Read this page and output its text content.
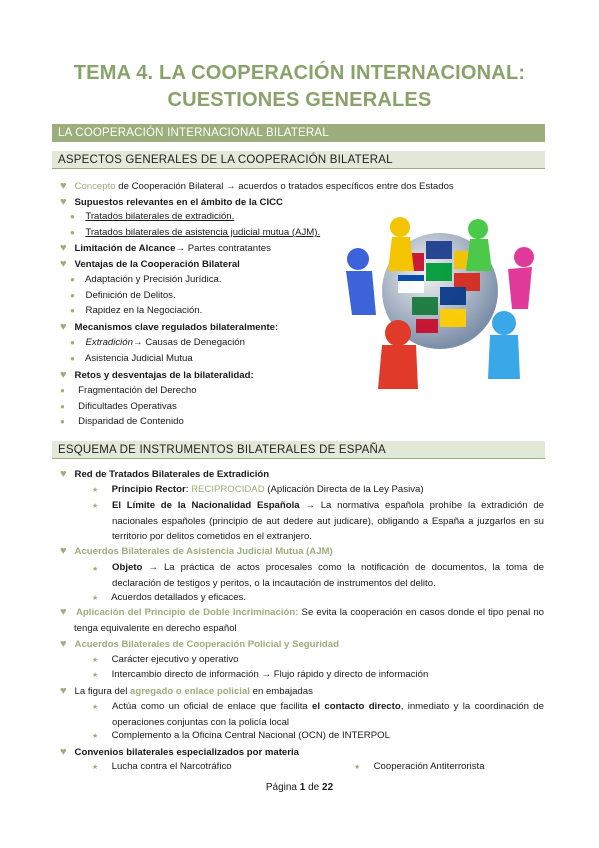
TEMA 4. LA COOPERACIÓN INTERNACIONAL:
CUESTIONES GENERALES
LA COOPERACIÓN INTERNACIONAL BILATERAL
ASPECTOS GENERALES DE LA COOPERACIÓN BILATERAL
♥ Concepto de Cooperación Bilateral → acuerdos o tratados específicos entre dos Estados
♥ Supuestos relevantes en el ámbito de la CICC
● Tratados bilaterales de extradición.
● Tratados bilaterales de asistencia judicial mutua (AJM).
♥ Limitación de Alcance→ Partes contratantes
♥ Ventajas de la Cooperación Bilateral
● Adaptación y Precisión Jurídica.
● Definición de Delitos.
● Rapidez en la Negociación.
♥ Mecanismos clave regulados bilateralmente:
● Extradición→ Causas de Denegación
● Asistencia Judicial Mutua
♥ Retos y desventajas de la bilateralidad:
● Fragmentación del Derecho
● Dificultades Operativas
● Disparidad de Contenido
ESQUEMA DE INSTRUMENTOS BILATERALES DE ESPAÑA
♥ Red de Tratados Bilaterales de Extradición
★ Principio Rector: RECIPROCIDAD (Aplicación Directa de la Ley Pasiva)
★ El Límite de la Nacionalidad Española → La normativa española prohíbe la extradición de nacionales españoles (principio de aut dedere aut judicare), obligando a España a juzgarlos en su territorio por delitos cometidos en el extranjero.
♥ Acuerdos Bilaterales de Asistencia Judicial Mutua (AJM)
★ Objeto → La práctica de actos procesales como la notificación de documentos, la toma de declaración de testigos y peritos, o la incautación de instrumentos del delito.
★ Acuerdos detallados y eficaces.
♥ Aplicación del Principio de Doble Incriminación: Se evita la cooperación en casos donde el tipo penal no tenga equivalente en derecho español
♥ Acuerdos Bilaterales de Cooperación Policial y Seguridad
★ Carácter ejecutivo y operativo
★ Intercambio directo de información → Flujo rápido y directo de información
♥ La figura del agregado o enlace policial en embajadas
★ Actúa como un oficial de enlace que facilita el contacto directo, inmediato y la coordinación de operaciones conjuntas con la policía local
★ Complemento a la Oficina Central Nacional (OCN) de INTERPOL
♥ Convenios bilaterales especializados por materia
★ Lucha contra el Narcotráfico	★ Cooperación Antiterrorista
Página 1 de 22
